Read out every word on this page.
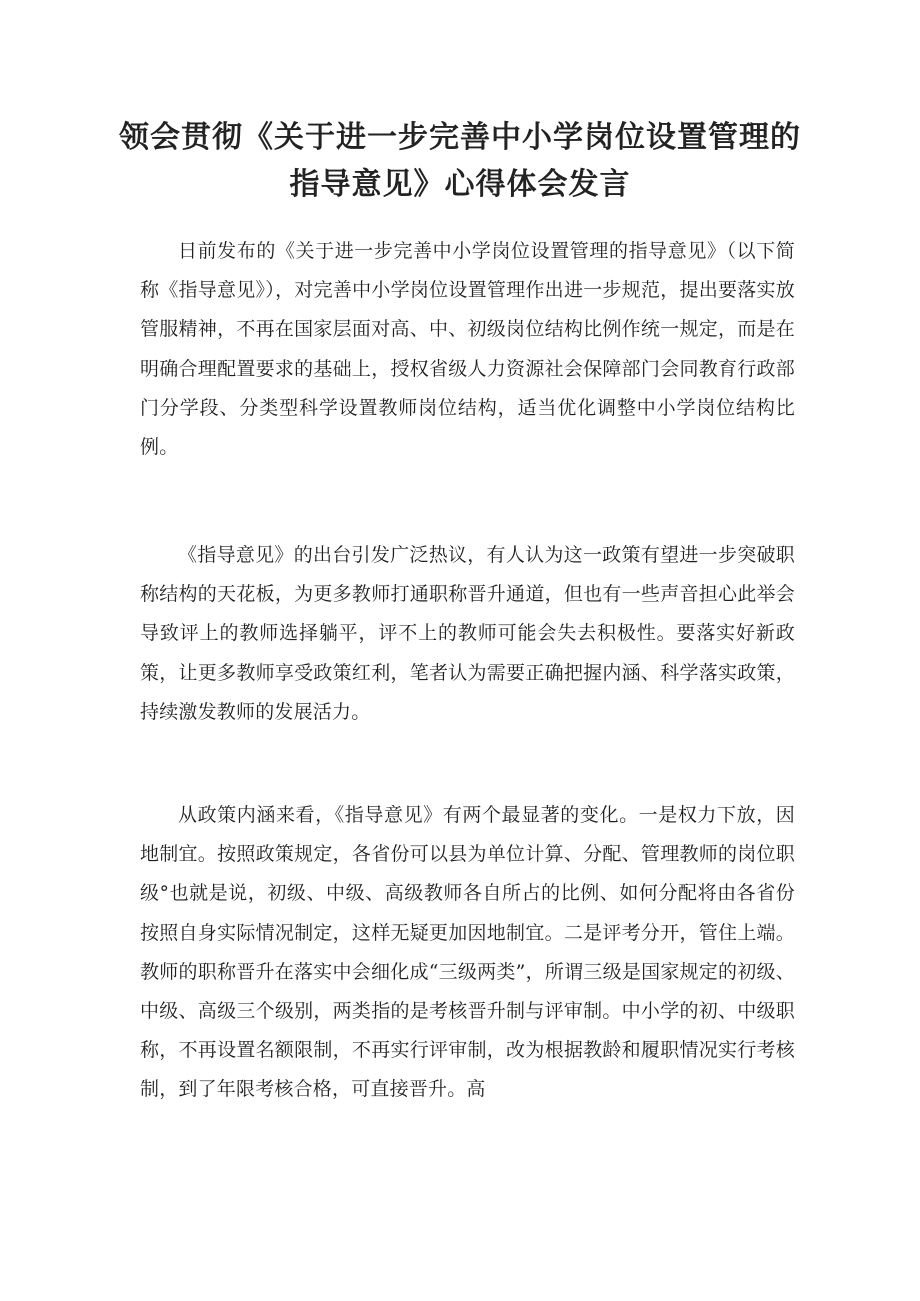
领会贯彻《关于进一步完善中小学岗位设置管理的
指导意见》心得体会发言

日前发布的《关于进一步完善中小学岗位设置管理的指导意见》（以下简称《指导意见》），对完善中小学岗位设置管理作出进一步规范，提出要落实放管服精神，不再在国家层面对高、中、初级岗位结构比例作统一规定，而是在明确合理配置要求的基础上，授权省级人力资源社会保障部门会同教育行政部门分学段、分类型科学设置教师岗位结构，适当优化调整中小学岗位结构比例。

《指导意见》的出台引发广泛热议，有人认为这一政策有望进一步突破职称结构的天花板，为更多教师打通职称晋升通道，但也有一些声音担心此举会导致评上的教师选择躺平，评不上的教师可能会失去积极性。要落实好新政策，让更多教师享受政策红利，笔者认为需要正确把握内涵、科学落实政策，持续激发教师的发展活力。

从政策内涵来看，《指导意见》有两个最显著的变化。一是权力下放，因地制宜。按照政策规定，各省份可以县为单位计算、分配、管理教师的岗位职级°也就是说，初级、中级、高级教师各自所占的比例、如何分配将由各省份按照自身实际情况制定，这样无疑更加因地制宜。二是评考分开，管住上端。教师的职称晋升在落实中会细化成“三级两类”，所谓三级是国家规定的初级、中级、高级三个级别，两类指的是考核晋升制与评审制。中小学的初、中级职称，不再设置名额限制，不再实行评审制，改为根据教龄和履职情况实行考核制，到了年限考核合格，可直接晋升。高
